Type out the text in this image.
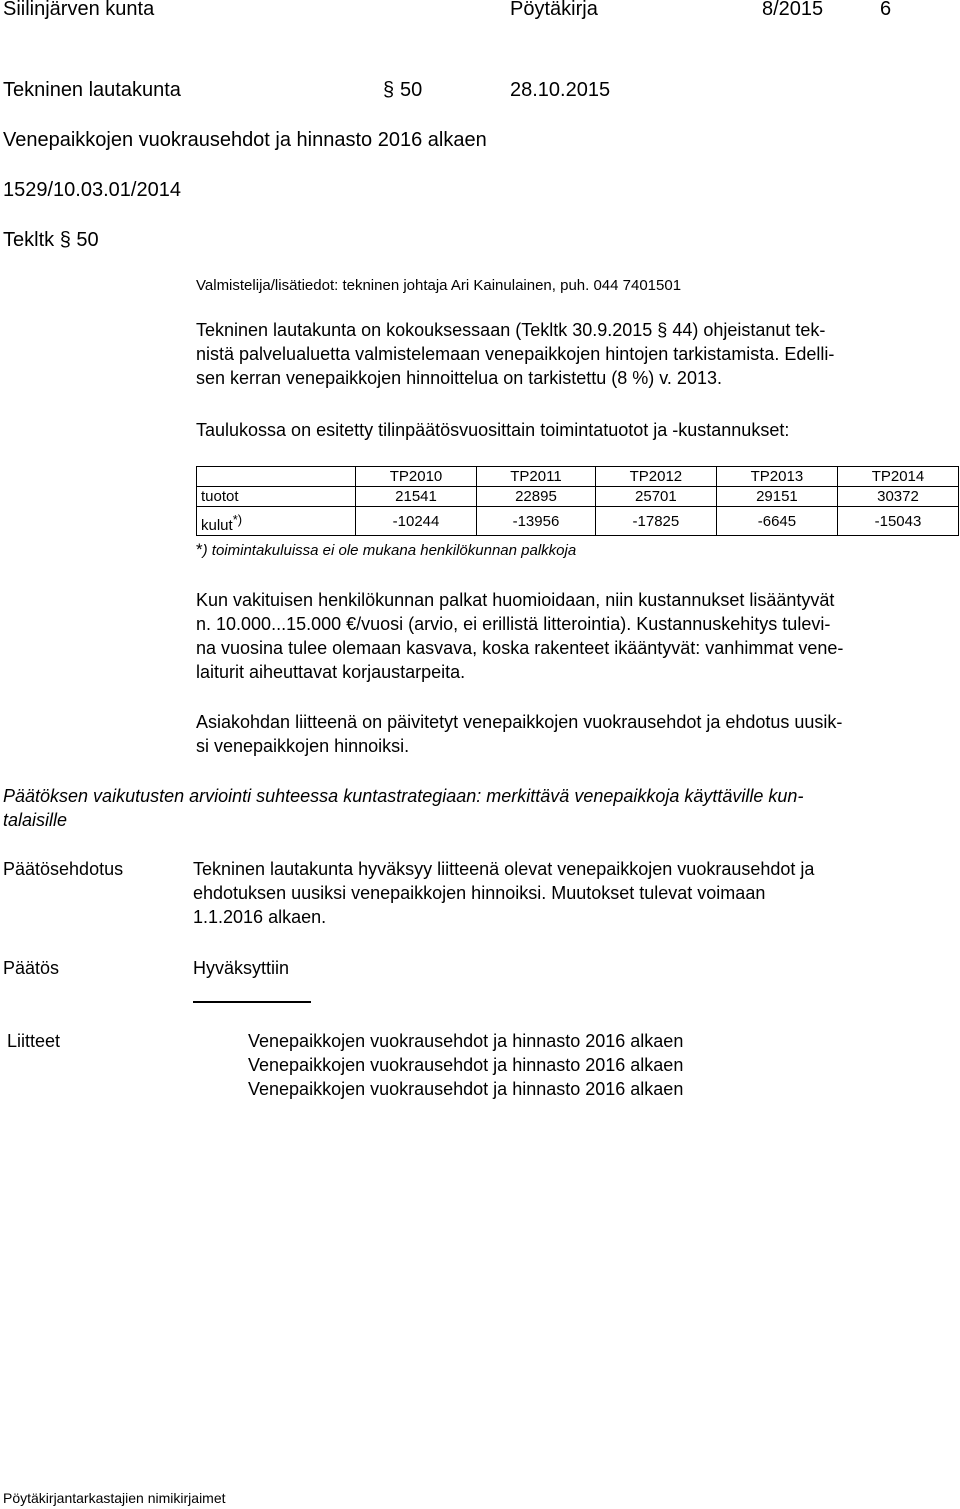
Siilinjärven kunta	Pöytäkirja	8/2015	6
Tekninen lautakunta	§ 50	28.10.2015
Venepaikkojen vuokrausehdot ja hinnasto 2016 alkaen
1529/10.03.01/2014
Tekltk § 50
Valmistelija/lisätiedot: tekninen johtaja Ari Kainulainen, puh. 044 7401501
Tekninen lautakunta on kokouksessaan (Tekltk 30.9.2015 § 44) ohjeistanut tek-
nistä palvelualuetta valmistelemaan venepaikkojen hintojen tarkistamista. Edelli-
sen kerran venepaikkojen hinnoittelua on tarkistettu (8 %) v. 2013.
Taulukossa on esitetty tilinpäätösvuosittain toimintatuotot ja -kustannukset:
	TP2010	TP2011	TP2012	TP2013	TP2014
tuotot	21541	22895	25701	29151	30372
kulut*)	-10244	-13956	-17825	-6645	-15043
*) toimintakuluissa ei ole mukana henkilökunnan palkkoja
Kun vakituisen henkilökunnan palkat huomioidaan, niin kustannukset lisääntyvät
n. 10.000...15.000 €/vuosi (arvio, ei erillistä litterointia). Kustannuskehitys tulevi-
na vuosina tulee olemaan kasvava, koska rakenteet ikääntyvät: vanhimmat vene-
laiturit aiheuttavat korjaustarpeita.
Asiakohdan liitteenä on päivitetyt venepaikkojen vuokrausehdot ja ehdotus uusik-
si venepaikkojen hinnoiksi.
Päätöksen vaikutusten arviointi suhteessa kuntastrategiaan: merkittävä venepaikkoja käyttäville kun-
talaisille
Päätösehdotus	Tekninen lautakunta hyväksyy liitteenä olevat venepaikkojen vuokrausehdot ja
ehdotuksen uusiksi venepaikkojen hinnoiksi. Muutokset tulevat voimaan
1.1.2016 alkaen.
Päätös	Hyväksyttiin
Liitteet	Venepaikkojen vuokrausehdot ja hinnasto 2016 alkaen
Venepaikkojen vuokrausehdot ja hinnasto 2016 alkaen
Venepaikkojen vuokrausehdot ja hinnasto 2016 alkaen
Pöytäkirjantarkastajien nimikirjaimet
